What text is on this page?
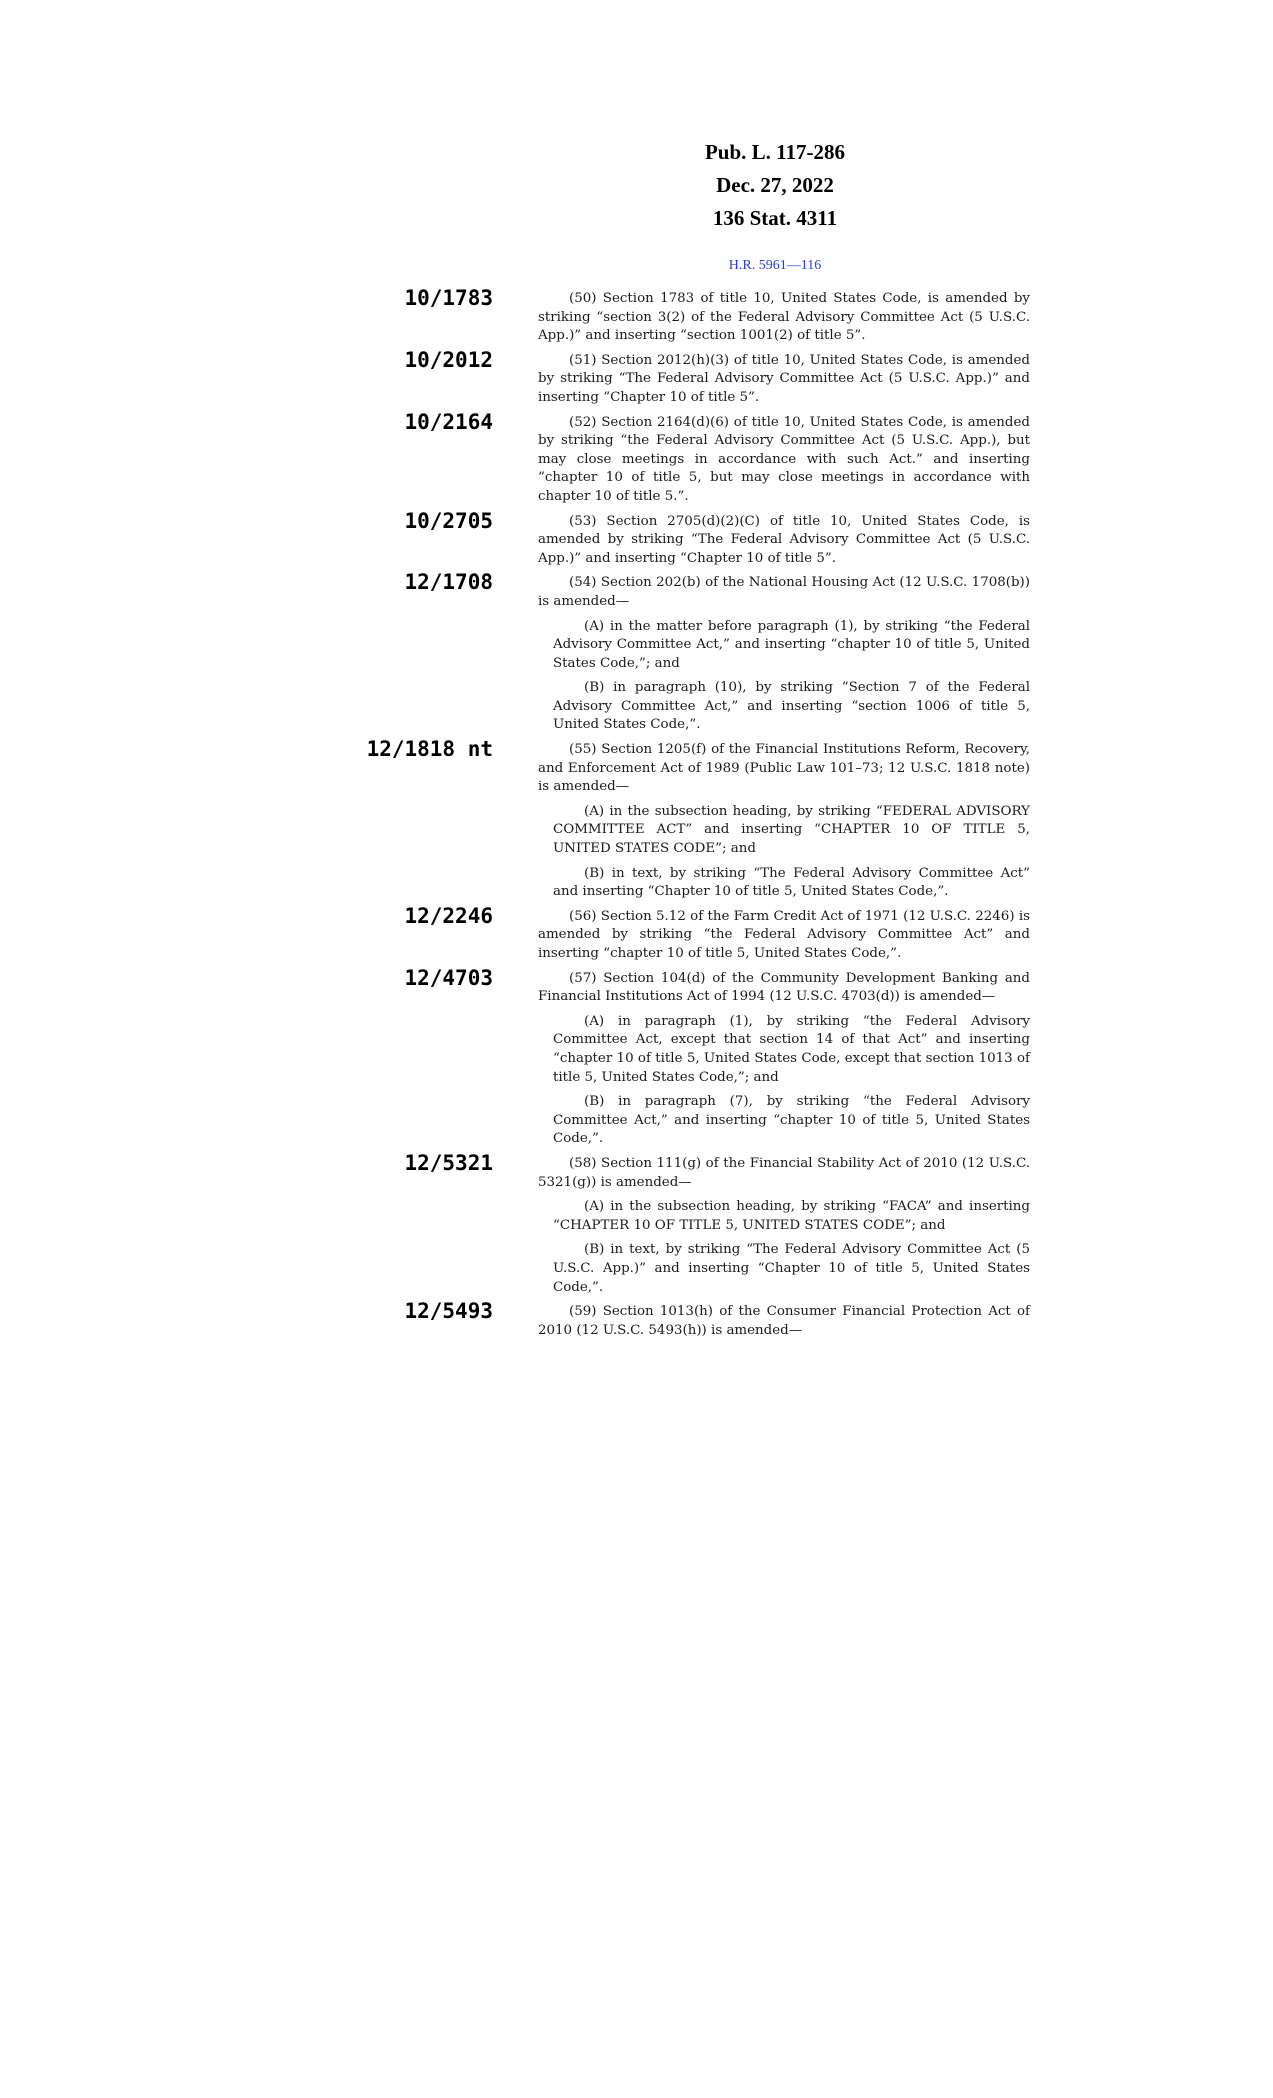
Pub. L. 117-286
Dec. 27, 2022
136 Stat. 4311
H.R. 5961—116
10/1783	(50) Section 1783 of title 10, United States Code, is amended by striking “section 3(2) of the Federal Advisory Committee Act (5 U.S.C. App.)” and inserting “section 1001(2) of title 5”.

10/2012	(51) Section 2012(h)(3) of title 10, United States Code, is amended by striking “The Federal Advisory Committee Act (5 U.S.C. App.)” and inserting “Chapter 10 of title 5”.

10/2164	(52) Section 2164(d)(6) of title 10, United States Code, is amended by striking “the Federal Advisory Committee Act (5 U.S.C. App.), but may close meetings in accordance with such Act.” and inserting “chapter 10 of title 5, but may close meetings in accordance with chapter 10 of title 5.”.

10/2705	(53) Section 2705(d)(2)(C) of title 10, United States Code, is amended by striking “The Federal Advisory Committee Act (5 U.S.C. App.)” and inserting “Chapter 10 of title 5”.

12/1708	(54) Section 202(b) of the National Housing Act (12 U.S.C. 1708(b)) is amended—

(A) in the matter before paragraph (1), by striking “the Federal Advisory Committee Act,” and inserting “chapter 10 of title 5, United States Code,”; and

(B) in paragraph (10), by striking “Section 7 of the Federal Advisory Committee Act,” and inserting “section 1006 of title 5, United States Code,”.

12/1818 nt	(55) Section 1205(f) of the Financial Institutions Reform, Recovery, and Enforcement Act of 1989 (Public Law 101–73; 12 U.S.C. 1818 note) is amended—

(A) in the subsection heading, by striking “FEDERAL ADVISORY COMMITTEE ACT” and inserting “CHAPTER 10 OF TITLE 5, UNITED STATES CODE”; and

(B) in text, by striking “The Federal Advisory Committee Act” and inserting “Chapter 10 of title 5, United States Code,”.

12/2246	(56) Section 5.12 of the Farm Credit Act of 1971 (12 U.S.C. 2246) is amended by striking “the Federal Advisory Committee Act” and inserting “chapter 10 of title 5, United States Code,”.

12/4703	(57) Section 104(d) of the Community Development Banking and Financial Institutions Act of 1994 (12 U.S.C. 4703(d)) is amended—

(A) in paragraph (1), by striking “the Federal Advisory Committee Act, except that section 14 of that Act” and inserting “chapter 10 of title 5, United States Code, except that section 1013 of title 5, United States Code,”; and

(B) in paragraph (7), by striking “the Federal Advisory Committee Act,” and inserting “chapter 10 of title 5, United States Code,”.

12/5321	(58) Section 111(g) of the Financial Stability Act of 2010 (12 U.S.C. 5321(g)) is amended—

(A) in the subsection heading, by striking “FACA” and inserting “CHAPTER 10 OF TITLE 5, UNITED STATES CODE”; and

(B) in text, by striking “The Federal Advisory Committee Act (5 U.S.C. App.)” and inserting “Chapter 10 of title 5, United States Code,”.

12/5493	(59) Section 1013(h) of the Consumer Financial Protection Act of 2010 (12 U.S.C. 5493(h)) is amended—
